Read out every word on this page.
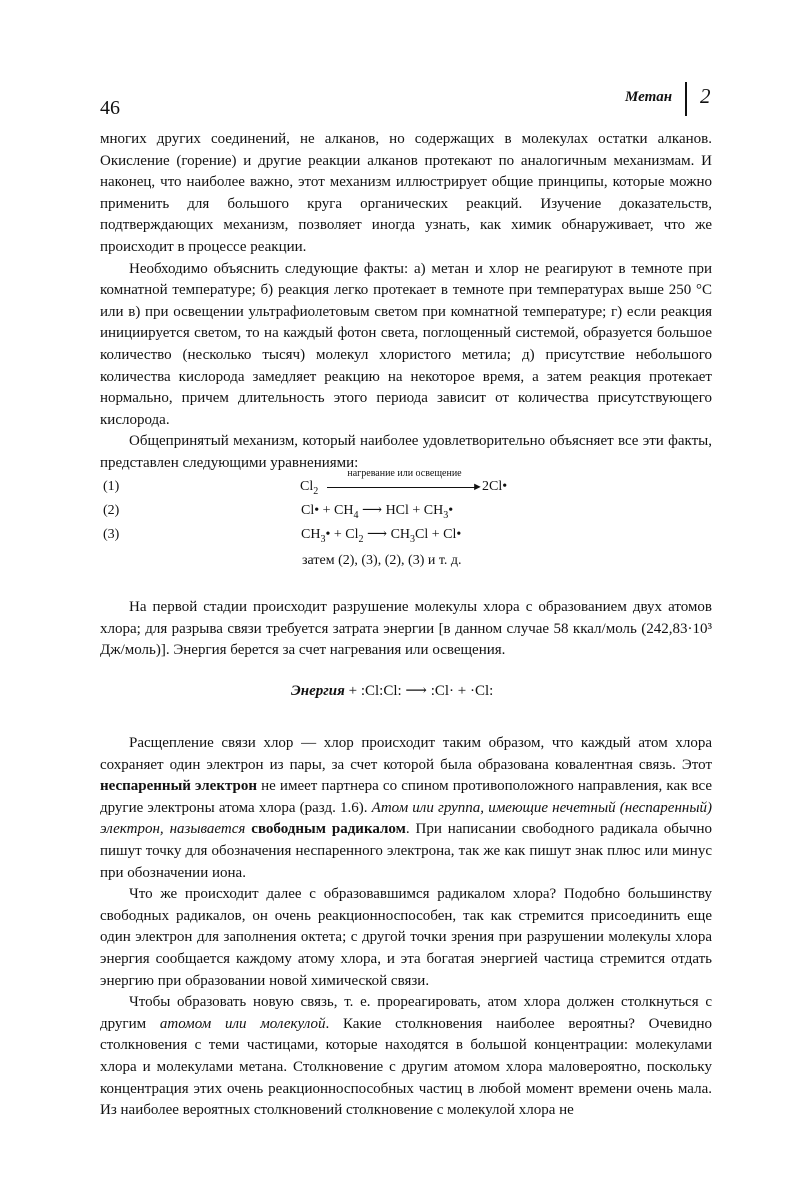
46	Метан 2

многих других соединений, не алканов, но содержащих в молекулах остатки алканов. Окисление (горение) и другие реакции алканов протекают по аналогичным механизмам. И наконец, что наиболее важно, этот механизм иллюстрирует общие принципы, которые можно применить для большого круга органических реакций. Изучение доказательств, подтверждающих механизм, позволяет иногда узнать, как химик обнаруживает, что же происходит в процессе реакции.

Необходимо объяснить следующие факты: а) метан и хлор не реагируют в темноте при комнатной температуре; б) реакция легко протекает в темноте при температурах выше 250 °С или в) при освещении ультрафиолетовым светом при комнатной температуре; г) если реакция инициируется светом, то на каждый фотон света, поглощенный системой, образуется большое количество (несколько тысяч) молекул хлористого метила; д) присутствие небольшого количества кислорода замедляет реакцию на некоторое время, а затем реакция протекает нормально, причем длительность этого периода зависит от количества присутствующего кислорода.

Общепринятый механизм, который наиболее удовлетворительно объясняет все эти факты, представлен следующими уравнениями:

(1)	$Cl_2$
нагревание или освещение
► 2Cl•
(2)	Cl• + $CH_4$ ⟶ HCl + $CH_3•$
(3)	$CH_3• + Cl_2$ ⟶ $CH_3Cl$ + Cl•
затем (2), (3), (2), (3) и т. д.

На первой стадии происходит разрушение молекулы хлора с образованием двух атомов хлора; для разрыва связи требуется затрата энергии [в данном случае 58 ккал/моль (242,83·10³ Дж/моль)]. Энергия берется за счет нагревания или освещения.

Энергия + :Cl:Cl: ⟶ :Cl· + ·Cl:

Расщепление связи хлор — хлор происходит таким образом, что каждый атом хлора сохраняет один электрон из пары, за счет которой была образована ковалентная связь. Этот неспаренный электрон не имеет партнера со спином противоположного направления, как все другие электроны атома хлора (разд. 1.6). Атом или группа, имеющие нечетный (неспаренный) электрон, называется свободным радикалом. При написании свободного радикала обычно пишут точку для обозначения неспаренного электрона, так же как пишут знак плюс или минус при обозначении иона.

Что же происходит далее с образовавшимся радикалом хлора? Подобно большинству свободных радикалов, он очень реакционноспособен, так как стремится присоединить еще один электрон для заполнения октета; с другой точки зрения при разрушении молекулы хлора энергия сообщается каждому атому хлора, и эта богатая энергией частица стремится отдать энергию при образовании новой химической связи.

Чтобы образовать новую связь, т. е. прореагировать, атом хлора должен столкнуться с другим атомом или молекулой. Какие столкновения наиболее вероятны? Очевидно столкновения с теми частицами, которые находятся в большой концентрации: молекулами хлора и молекулами метана. Столкновение с другим атомом хлора маловероятно, поскольку концентрация этих очень реакционноспособных частиц в любой момент времени очень мала. Из наиболее вероятных столкновений столкновение с молекулой хлора не
